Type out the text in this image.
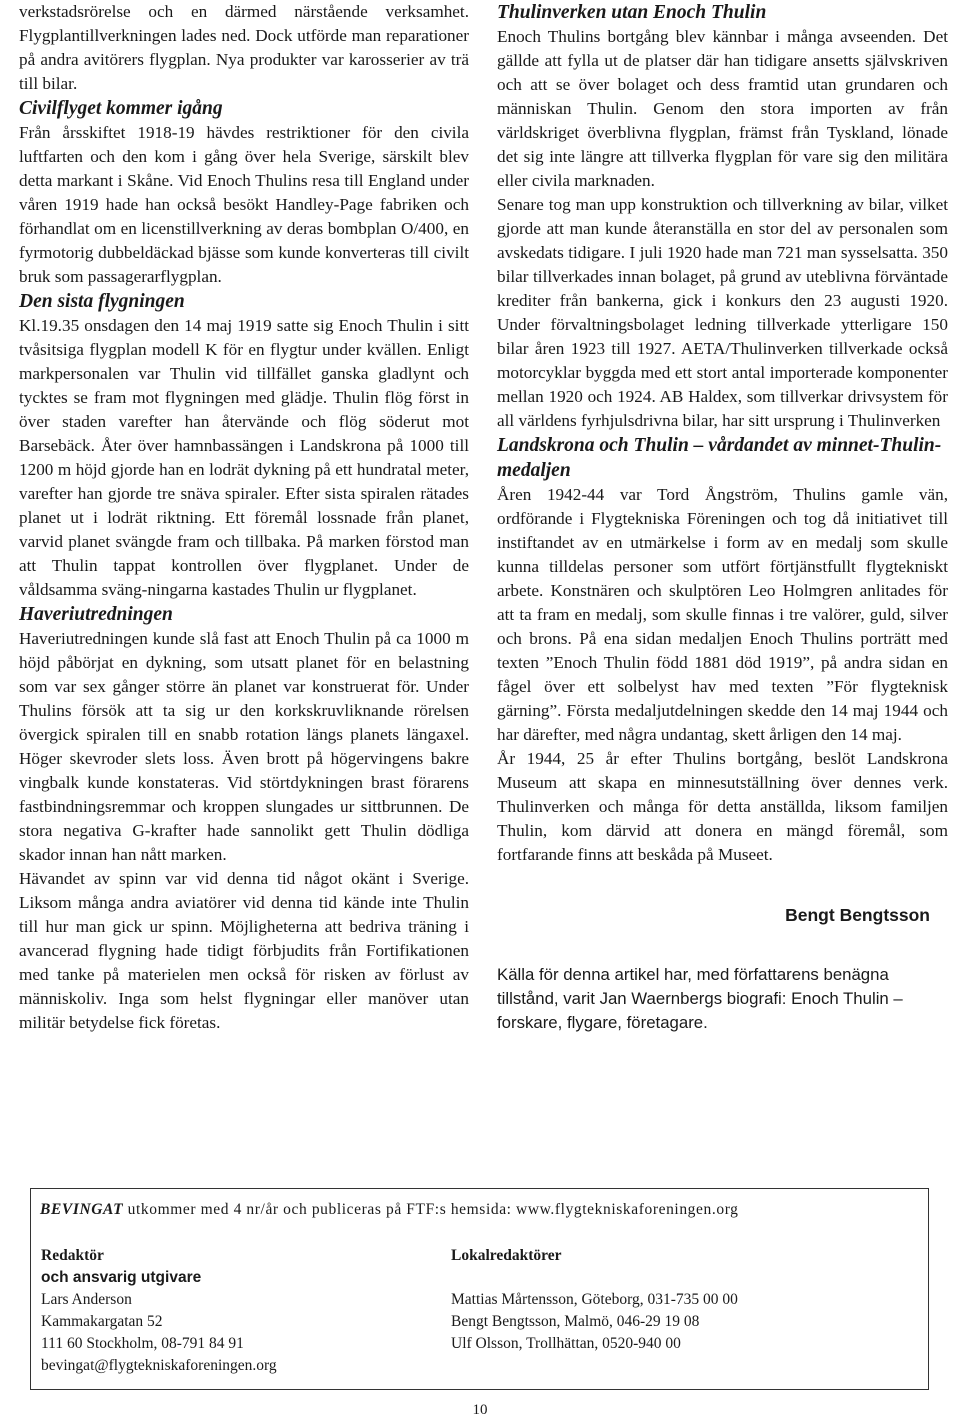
verkstadsrörelse och en därmed närstående verksamhet. Flygplantillverkningen lades ned. Dock utförde man reparationer på andra avitörers flygplan. Nya produkter var karosserier av trä till bilar.

Civilflyget kommer igång

Från årsskiftet 1918-19 hävdes restriktioner för den civila luftfarten och den kom i gång över hela Sverige, särskilt blev detta markant i Skåne. Vid Enoch Thulins resa till England under våren 1919 hade han också besökt Handley-Page fabriken och förhandlat om en licenstillverkning av deras bombplan O/400, en fyrmotorig dubbeldäckad bjässe som kunde konverteras till civilt bruk som passagerarflygplan.

Den sista flygningen

Kl.19.35 onsdagen den 14 maj 1919 satte sig Enoch Thulin i sitt tvåsitsiga flygplan modell K för en flygtur under kvällen. Enligt markpersonalen var Thulin vid tillfället ganska gladlynt och tycktes se fram mot flygningen med glädje. Thulin flög först in över staden varefter han återvände och flög söderut mot Barsebäck. Åter över hamnbassängen i Landskrona på 1000 till 1200 m höjd gjorde han en lodrät dykning på ett hundratal meter, varefter han gjorde tre snäva spiraler. Efter sista spiralen rätades planet ut i lodrät riktning. Ett föremål lossnade från planet, varvid planet svängde fram och tillbaka. På marken förstod man att Thulin tappat kontrollen över flygplanet. Under de våldsamma sväng-ningarna kastades Thulin ur flygplanet.

Haveriutredningen

Haveriutredningen kunde slå fast att Enoch Thulin på ca 1000 m höjd påbörjat en dykning, som utsatt planet för en belastning som var sex gånger större än planet var konstruerat för. Under Thulins försök att ta sig ur den korkskruvliknande rörelsen övergick spiralen till en snabb rotation längs planets längaxel. Höger skevroder slets loss. Även brott på högervingens bakre vingbalk kunde konstateras. Vid störtdykningen brast förarens fastbindningsremmar och kroppen slungades ur sittbrunnen. De stora negativa G-krafter hade sannolikt gett Thulin dödliga skador innan han nått marken.

Hävandet av spinn var vid denna tid något okänt i Sverige. Liksom många andra aviatörer vid denna tid kände inte Thulin till hur man gick ur spinn. Möjligheterna att bedriva träning i avancerad flygning hade tidigt förbjudits från Fortifikationen med tanke på materielen men också för risken av förlust av människoliv. Inga som helst flygningar eller manöver utan militär betydelse fick företas.

Thulinverken utan Enoch Thulin

Enoch Thulins bortgång blev kännbar i många avseenden. Det gällde att fylla ut de platser där han tidigare ansetts självskriven och att se över bolaget och dess framtid utan grundaren och människan Thulin. Genom den stora importen av från världskriget överblivna flygplan, främst från Tyskland, lönade det sig inte längre att tillverka flygplan för vare sig den militära eller civila marknaden.

Senare tog man upp konstruktion och tillverkning av bilar, vilket gjorde att man kunde återanställa en stor del av personalen som avskedats tidigare. I juli 1920 hade man 721 man sysselsatta. 350 bilar tillverkades innan bolaget, på grund av uteblivna förväntade krediter från bankerna, gick i konkurs den 23 augusti 1920. Under förvaltningsbolaget ledning tillverkade ytterligare 150 bilar åren 1923 till 1927. AETA/Thulinverken tillverkade också motorcyklar byggda med ett stort antal importerade komponenter mellan 1920 och 1924. AB Haldex, som tillverkar drivsystem för all världens fyrhjulsdrivna bilar, har sitt ursprung i Thulinverken

Landskrona och Thulin – vårdandet av minnet-Thulin-medaljen

Åren 1942-44 var Tord Ångström, Thulins gamle vän, ordförande i Flygtekniska Föreningen och tog då initiativet till instiftandet av en utmärkelse i form av en medalj som skulle kunna tilldelas personer som utfört förtjänstfullt flygtekniskt arbete. Konstnären och skulptören Leo Holmgren anlitades för att ta fram en medalj, som skulle finnas i tre valörer, guld, silver och brons. På ena sidan medaljen Enoch Thulins porträtt med texten ”Enoch Thulin född 1881 död 1919”, på andra sidan en fågel över ett solbelyst hav med texten ”För flygteknisk gärning”. Första medaljutdelningen skedde den 14 maj 1944 och har därefter, med några undantag, skett årligen den 14 maj.

År 1944, 25 år efter Thulins bortgång, beslöt Landskrona Museum att skapa en minnesutställning över dennes verk. Thulinverken och många för detta anställda, liksom familjen Thulin, kom därvid att donera en mängd föremål, som fortfarande finns att beskåda på Museet.

Bengt Bengtsson

Källa för denna artikel har, med författarens benägna tillstånd, varit Jan Waernbergs biografi: Enoch Thulin – forskare, flygare, företagare.

BEVINGAT utkommer med 4 nr/år och publiceras på FTF:s hemsida: www.flygtekniskaforeningen.org
Redaktör
och ansvarig utgivare
Lars Anderson
Kammakargatan 52
111 60 Stockholm, 08-791 84 91
bevingat@flygtekniskaforeningen.org
Lokalredaktörer
Mattias Mårtensson, Göteborg, 031-735 00 00
Bengt Bengtsson, Malmö, 046-29 19 08
Ulf Olsson, Trollhättan, 0520-940 00
10
